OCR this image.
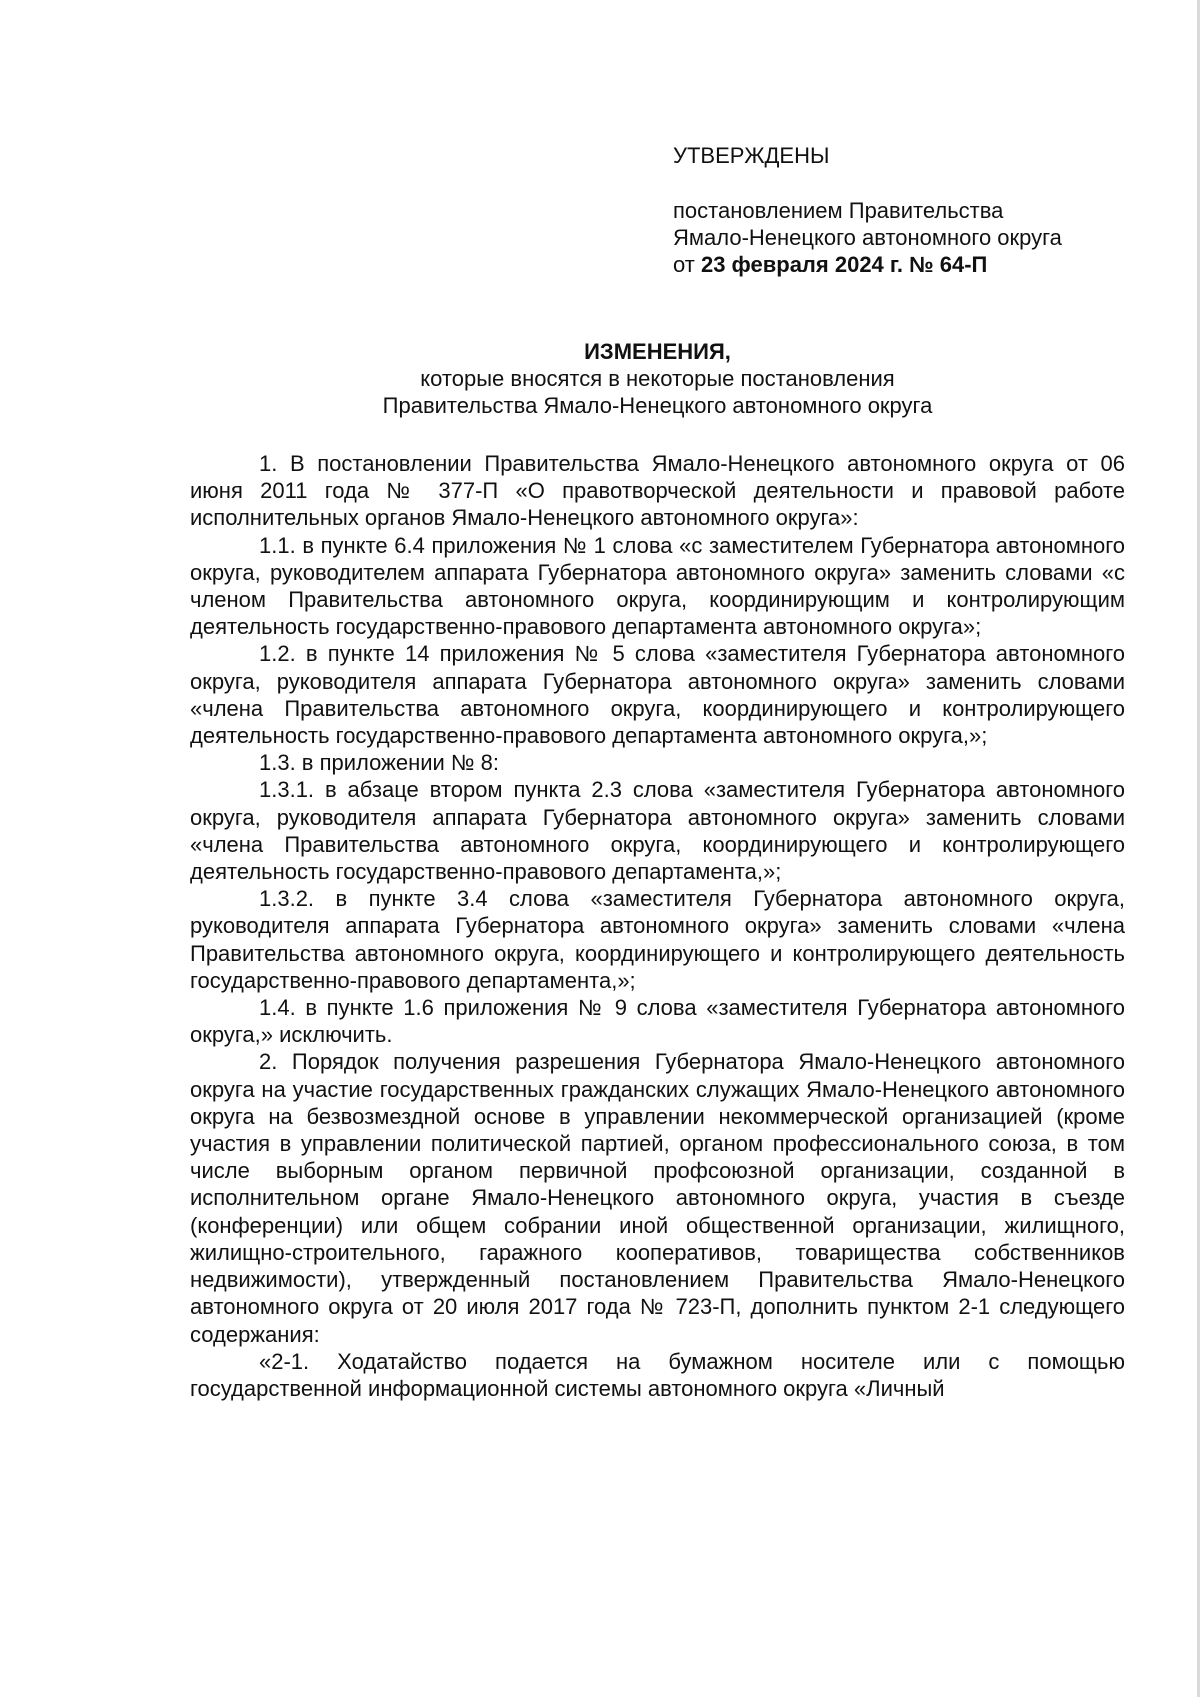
УТВЕРЖДЕНЫ

постановлением Правительства

Ямало-Ненецкого автономного округа

от 23 февраля 2024 г. № 64-П

ИЗМЕНЕНИЯ,

которые вносятся в некоторые постановления

Правительства Ямало-Ненецкого автономного округа

1. В постановлении Правительства Ямало-Ненецкого автономного округа от 06 июня 2011 года № 377-П «О правотворческой деятельности и правовой работе исполнительных органов Ямало-Ненецкого автономного округа»:

1.1. в пункте 6.4 приложения № 1 слова «с заместителем Губернатора автономного округа, руководителем аппарата Губернатора автономного округа» заменить словами «с членом Правительства автономного округа, координирующим и контролирующим деятельность государственно-правового департамента автономного округа»;

1.2. в пункте 14 приложения № 5 слова «заместителя Губернатора автономного округа, руководителя аппарата Губернатора автономного округа» заменить словами «члена Правительства автономного округа, координирующего и контролирующего деятельность государственно-правового департамента автономного округа,»;

1.3. в приложении № 8:

1.3.1. в абзаце втором пункта 2.3 слова «заместителя Губернатора автономного округа, руководителя аппарата Губернатора автономного округа» заменить словами «члена Правительства автономного округа, координирующего и контролирующего деятельность государственно-правового департамента,»;

1.3.2. в пункте 3.4 слова «заместителя Губернатора автономного округа, руководителя аппарата Губернатора автономного округа» заменить словами «члена Правительства автономного округа, координирующего и контролирующего деятельность государственно-правового департамента,»;

1.4. в пункте 1.6 приложения № 9 слова «заместителя Губернатора автономного округа,» исключить.

2. Порядок получения разрешения Губернатора Ямало-Ненецкого автономного округа на участие государственных гражданских служащих Ямало-Ненецкого автономного округа на безвозмездной основе в управлении некоммерческой организацией (кроме участия в управлении политической партией, органом профессионального союза, в том числе выборным органом первичной профсоюзной организации, созданной в исполнительном органе Ямало-Ненецкого автономного округа, участия в съезде (конференции) или общем собрании иной общественной организации, жилищного, жилищно-строительного, гаражного кооперативов, товарищества собственников недвижимости), утвержденный постановлением Правительства Ямало-Ненецкого автономного округа от 20 июля 2017 года № 723-П, дополнить пунктом 2-1 следующего содержания:

«2-1. Ходатайство подается на бумажном носителе или с помощью государственной информационной системы автономного округа «Личный
